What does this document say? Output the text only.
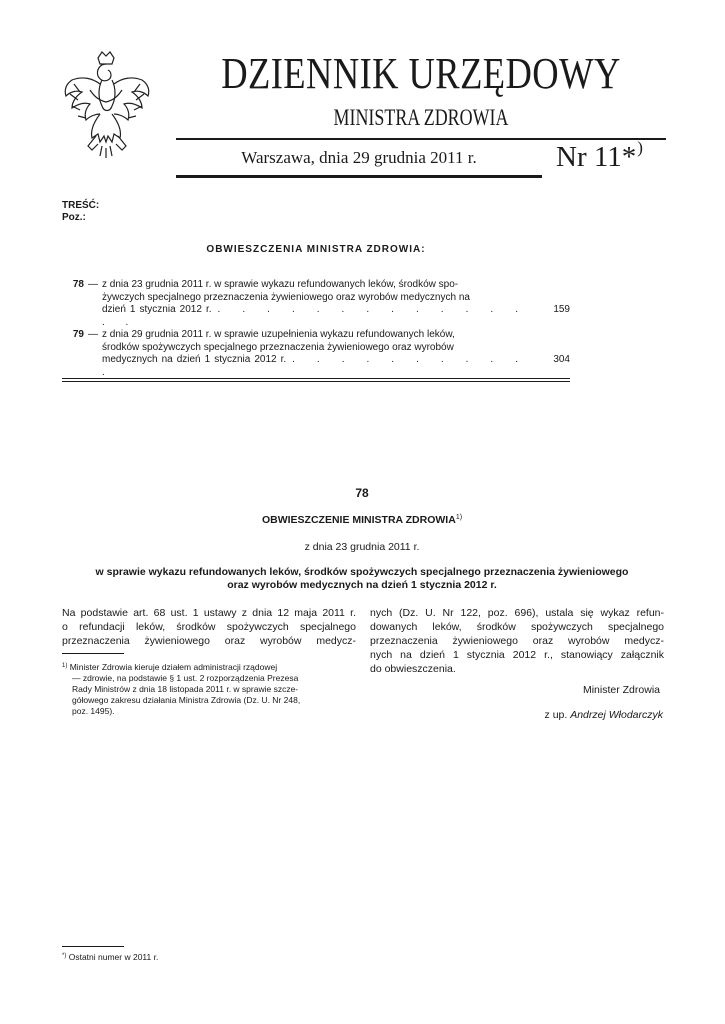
DZIENNIK URZĘDOWY
MINISTRA ZDROWIA
Warszawa, dnia 29 grudnia 2011 r.	Nr 11*)
TREŚĆ:
Poz.:
OBWIESZCZENIA MINISTRA ZDROWIA:
78 — z dnia 23 grudnia 2011 r. w sprawie wykazu refundowanych leków, środków spo-
żywczych specjalnego przeznaczenia żywieniowego oraz wyrobów medycznych na
dzień 1 stycznia 2012 r. . . . . . . . . . . . . . . .
159
79 — z dnia 29 grudnia 2011 r. w sprawie uzupełnienia wykazu refundowanych leków,
środków spożywczych specjalnego przeznaczenia żywieniowego oraz wyrobów
medycznych na dzień 1 stycznia 2012 r. . . . . . . . . . . .
304
78
OBWIESZCZENIE MINISTRA ZDROWIA$^{1)}$
z dnia 23 grudnia 2011 r.
w sprawie wykazu refundowanych leków, środków spożywczych specjalnego przeznaczenia żywieniowego
oraz wyrobów medycznych na dzień 1 stycznia 2012 r.
Na podstawie art. 68 ust. 1 ustawy z dnia 12 maja 2011 r.
o refundacji leków, środków spożywczych specjalnego
przeznaczenia żywieniowego oraz wyrobów medycz-
nych (Dz. U. Nr 122, poz. 696), ustala się wykaz refun-
dowanych leków, środków spożywczych specjalnego
przeznaczenia żywieniowego oraz wyrobów medycz-
nych na dzień 1 stycznia 2012 r., stanowiący załącznik
do obwieszczenia.
$^{1)}$ Minister Zdrowia kieruje działem administracji rządowej
— zdrowie, na podstawie § 1 ust. 2 rozporządzenia Prezesa
Rady Ministrów z dnia 18 listopada 2011 r. w sprawie szcze-
gółowego zakresu działania Ministra Zdrowia (Dz. U. Nr 248,
poz. 1495).
Minister Zdrowia
z up. Andrzej Włodarczyk
*) Ostatni numer w 2011 r.
